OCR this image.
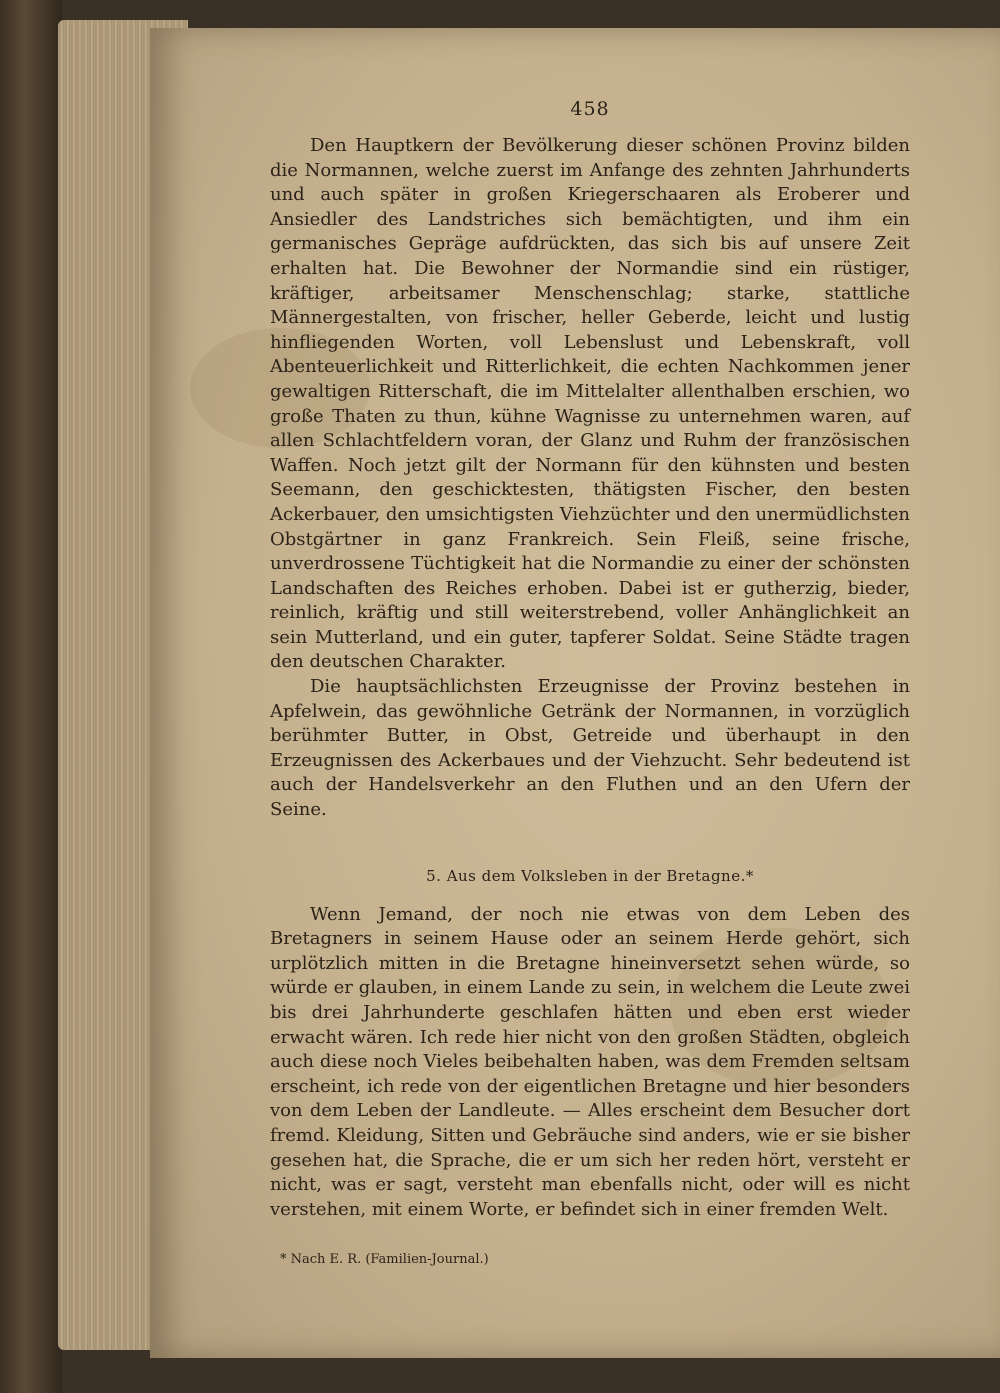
458

Den Hauptkern der Bevölkerung dieser schönen Provinz bilden die Normannen, welche zuerst im Anfange des zehnten Jahrhunderts und auch später in großen Kriegerschaaren als Eroberer und Ansiedler des Landstriches sich bemächtigten, und ihm ein germanisches Gepräge aufdrückten, das sich bis auf unsere Zeit erhalten hat. Die Bewohner der Normandie sind ein rüstiger, kräftiger, arbeitsamer Menschenschlag; starke, stattliche Männergestalten, von frischer, heller Geberde, leicht und lustig hinfliegenden Worten, voll Lebenslust und Lebenskraft, voll Abenteuerlichkeit und Ritterlichkeit, die echten Nachkommen jener gewaltigen Ritterschaft, die im Mittelalter allenthalben erschien, wo große Thaten zu thun, kühne Wagnisse zu unternehmen waren, auf allen Schlachtfeldern voran, der Glanz und Ruhm der französischen Waffen. Noch jetzt gilt der Normann für den kühnsten und besten Seemann, den geschicktesten, thätigsten Fischer, den besten Ackerbauer, den umsichtigsten Viehzüchter und den unermüdlichsten Obstgärtner in ganz Frankreich. Sein Fleiß, seine frische, unverdrossene Tüchtigkeit hat die Normandie zu einer der schönsten Landschaften des Reiches erhoben. Dabei ist er gutherzig, bieder, reinlich, kräftig und still weiterstrebend, voller Anhänglichkeit an sein Mutterland, und ein guter, tapferer Soldat. Seine Städte tragen den deutschen Charakter.

Die hauptsächlichsten Erzeugnisse der Provinz bestehen in Apfelwein, das gewöhnliche Getränk der Normannen, in vorzüglich berühmter Butter, in Obst, Getreide und überhaupt in den Erzeugnissen des Ackerbaues und der Viehzucht. Sehr bedeutend ist auch der Handelsverkehr an den Fluthen und an den Ufern der Seine.

5. Aus dem Volksleben in der Bretagne.*

Wenn Jemand, der noch nie etwas von dem Leben des Bretagners in seinem Hause oder an seinem Herde gehört, sich urplötzlich mitten in die Bretagne hineinversetzt sehen würde, so würde er glauben, in einem Lande zu sein, in welchem die Leute zwei bis drei Jahrhunderte geschlafen hätten und eben erst wieder erwacht wären. Ich rede hier nicht von den großen Städten, obgleich auch diese noch Vieles beibehalten haben, was dem Fremden seltsam erscheint, ich rede von der eigentlichen Bretagne und hier besonders von dem Leben der Landleute. — Alles erscheint dem Besucher dort fremd. Kleidung, Sitten und Gebräuche sind anders, wie er sie bisher gesehen hat, die Sprache, die er um sich her reden hört, versteht er nicht, was er sagt, versteht man ebenfalls nicht, oder will es nicht verstehen, mit einem Worte, er befindet sich in einer fremden Welt.

* Nach E. R. (Familien-Journal.)
